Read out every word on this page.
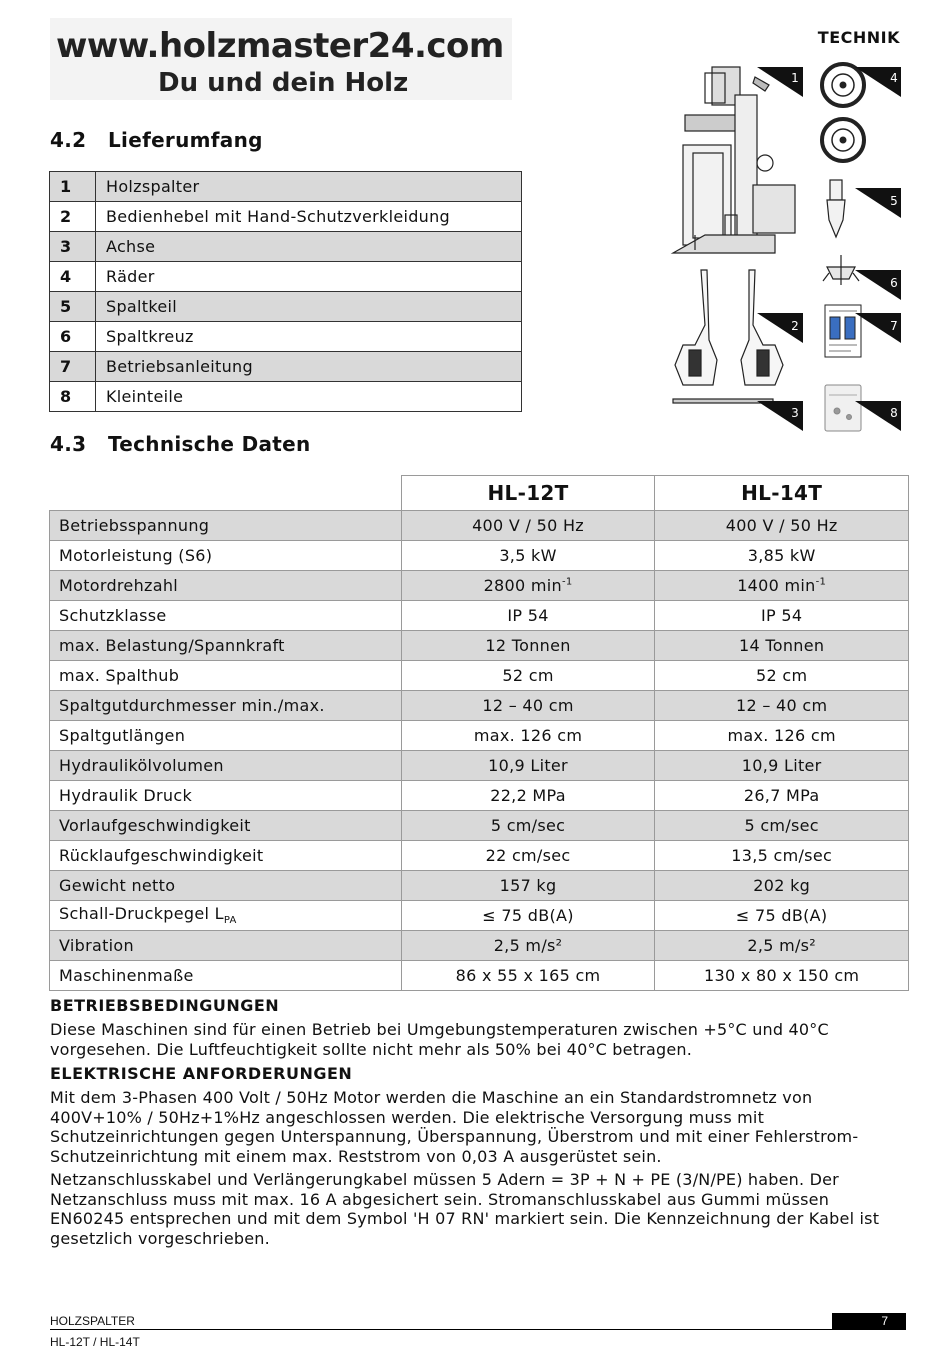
www.holzmaster24.com
Du und dein Holz
TECHNIK
4.2 Lieferumfang
1	Holzspalter
2	Bedienhebel mit Hand-Schutzverkleidung
3	Achse
4	Räder
5	Spaltkeil
6	Spaltkreuz
7	Betriebsanleitung
8	Kleinteile
1
2
3
4
5
6
7
8
4.3 Technische Daten
	HL-12T	HL-14T
Betriebsspannung	400 V / 50 Hz	400 V / 50 Hz
Motorleistung (S6)	3,5 kW	3,85 kW
Motordrehzahl	2800 $\min^{-1}$	1400 $\min^{-1}$
Schutzklasse	IP 54	IP 54
max. Belastung/Spannkraft	12 Tonnen	14 Tonnen
max. Spalthub	52 cm	52 cm
Spaltgutdurchmesser min./max.	12 – 40 cm	12 – 40 cm
Spaltgutlängen	max. 126 cm	max. 126 cm
Hydraulikölvolumen	10,9 Liter	10,9 Liter
Hydraulik Druck	22,2 MPa	26,7 MPa
Vorlaufgeschwindigkeit	5 cm/sec	5 cm/sec
Rücklaufgeschwindigkeit	22 cm/sec	13,5 cm/sec
Gewicht netto	157 kg	202 kg
Schall-Druckpegel $L_{PA}$	≤ 75 dB(A)	≤ 75 dB(A)
Vibration	2,5 m/s²	2,5 m/s²
Maschinenmaße	86 x 55 x 165 cm	130 x 80 x 150 cm
BETRIEBSBEDINGUNGEN
Diese Maschinen sind für einen Betrieb bei Umgebungstemperaturen zwischen +5°C und 40°C vorgesehen. Die Luftfeuchtigkeit sollte nicht mehr als 50% bei 40°C betragen.
ELEKTRISCHE ANFORDERUNGEN
Mit dem 3-Phasen 400 Volt / 50Hz Motor werden die Maschine an ein Standardstromnetz von 400V+10% / 50Hz+1%Hz angeschlossen werden. Die elektrische Versorgung muss mit Schutzeinrichtungen gegen Unterspannung, Überspannung, Überstrom und mit einer Fehlerstrom-Schutzeinrichtung mit einem max. Reststrom von 0,03 A ausgerüstet sein.
Netzanschlusskabel und Verlängerungkabel müssen 5 Adern = 3P + N + PE (3/N/PE) haben. Der Netzanschluss muss mit max. 16 A abgesichert sein. Stromanschlusskabel aus Gummi müssen EN60245 entsprechen und mit dem Symbol 'H 07 RN' markiert sein. Die Kennzeichnung der Kabel ist gesetzlich vorgeschrieben.
HOLZSPALTER	7
HL-12T / HL-14T
